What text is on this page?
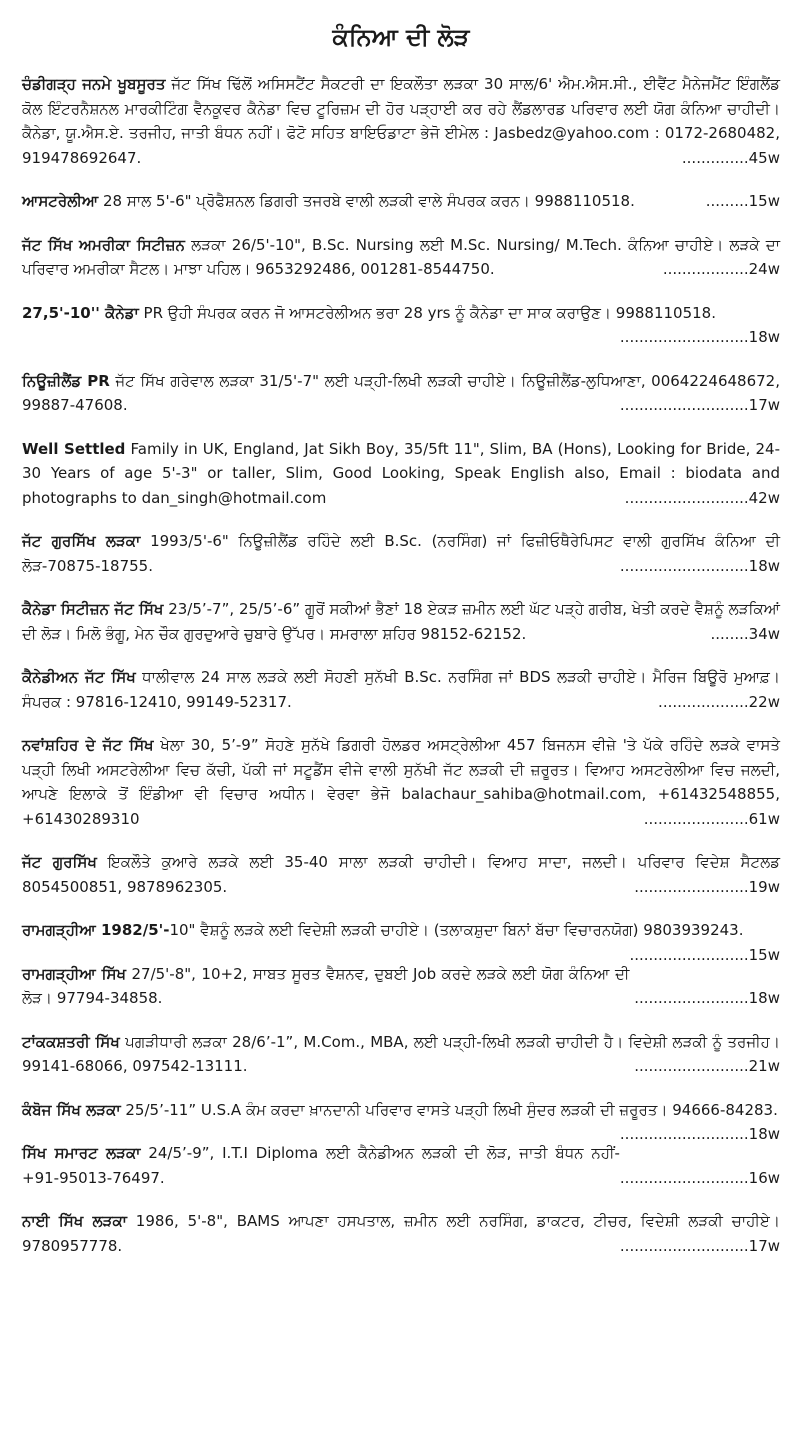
ਕੰਨਿਆ ਦੀ ਲੋੜ
ਚੰਡੀਗੜ੍ਹ ਜਨਮੇ ਖੂਬਸੂਰਤ ਜੱਟ ਸਿੱਖ ਢਿੱਲੋਂ ਅਸਿਸਟੈਂਟ ਸੈਕਟਰੀ ਦਾ ਇਕਲੌਤਾ ਲੜਕਾ 30 ਸਾਲ/6' ਐਮ.ਐਸ.ਸੀ., ਈਵੈਂਟ ਮੈਨੇਜਮੈਂਟ ਇੰਗਲੈਂਡ ਕੋਲ ਇੰਟਰਨੈਸ਼ਨਲ ਮਾਰਕੀਟਿੰਗ ਵੈਨਕੂਵਰ ਕੈਨੇਡਾ ਵਿਚ ਟੂਰਿਜ਼ਮ ਦੀ ਹੋਰ ਪੜ੍ਹਾਈ ਕਰ ਰਹੇ ਲੈਂਡਲਾਰਡ ਪਰਿਵਾਰ ਲਈ ਯੋਗ ਕੰਨਿਆ ਚਾਹੀਦੀ। ਕੈਨੇਡਾ, ਯੂ.ਐਸ.ਏ. ਤਰਜੀਹ, ਜਾਤੀ ਬੰਧਨ ਨਹੀਂ। ਫੋਟੋ ਸਹਿਤ ਬਾਇਓਡਾਟਾ ਭੇਜੋ ਈਮੇਲ : Jasbedz@yahoo.com : 0172-2680482, 919478692647.	..............45w
ਆਸਟਰੇਲੀਆ 28 ਸਾਲ 5'-6" ਪ੍ਰੋਫੈਸ਼ਨਲ ਡਿਗਰੀ ਤਜਰਬੇ ਵਾਲੀ ਲੜਕੀ ਵਾਲੇ ਸੰਪਰਕ ਕਰਨ। 9988110518.	.........15w
ਜੱਟ ਸਿੱਖ ਅਮਰੀਕਾ ਸਿਟੀਜ਼ਨ ਲੜਕਾ 26/5'-10", B.Sc. Nursing ਲਈ M.Sc. Nursing/ M.Tech. ਕੰਨਿਆ ਚਾਹੀਏ। ਲੜਕੇ ਦਾ ਪਰਿਵਾਰ ਅਮਰੀਕਾ ਸੈਟਲ। ਮਾਝਾ ਪਹਿਲ। 9653292486, 001281-8544750.	..................24w
27,5'-10'' ਕੈਨੇਡਾ PR ਉਹੀ ਸੰਪਰਕ ਕਰਨ ਜੋ ਆਸਟਰੇਲੀਅਨ ਭਰਾ 28 yrs ਨੂੰ ਕੈਨੇਡਾ ਦਾ ਸਾਕ ਕਰਾਉਣ। 9988110518.
...........................18w
ਨਿਊਜ਼ੀਲੈਂਡ PR ਜੱਟ ਸਿੱਖ ਗਰੇਵਾਲ ਲੜਕਾ 31/5'-7" ਲਈ ਪੜ੍ਹੀ-ਲਿਖੀ ਲੜਕੀ ਚਾਹੀਏ। ਨਿਊਜ਼ੀਲੈਂਡ-ਲੁਧਿਆਣਾ, 0064224648672, 99887-47608.	...........................17w
Well Settled Family in UK, England, Jat Sikh Boy, 35/5ft 11", Slim, BA (Hons), Looking for Bride, 24-30 Years of age 5'-3" or taller, Slim, Good Looking, Speak English also, Email : biodata and photographs to dan_singh@hotmail.com	..........................42w
ਜੱਟ ਗੁਰਸਿੱਖ ਲੜਕਾ 1993/5'-6" ਨਿਊਜ਼ੀਲੈਂਡ ਰਹਿੰਦੇ ਲਈ B.Sc. (ਨਰਸਿੰਗ) ਜਾਂ ਫਿਜ਼ੀਓਥੈਰੇਪਿਸਟ ਵਾਲੀ ਗੁਰਸਿੱਖ ਕੰਨਿਆ ਦੀ ਲੋੜ-70875-18755.	...........................18w
ਕੈਨੇਡਾ ਸਿਟੀਜ਼ਨ ਜੱਟ ਸਿੱਖ 23/5’-7”, 25/5’-6” ਗੂਰੋਂ ਸਕੀਆਂ ਭੈਣਾਂ 18 ਏਕੜ ਜ਼ਮੀਨ ਲਈ ਘੱਟ ਪੜ੍ਹੇ ਗਰੀਬ, ਖੇਤੀ ਕਰਦੇ ਵੈਸ਼ਨੂੰ ਲੜਕਿਆਂ ਦੀ ਲੋੜ। ਮਿਲੋ ਭੰਗੂ, ਮੇਨ ਚੌਕ ਗੁਰਦੁਆਰੇ ਚੁਬਾਰੇ ਉੱਪਰ। ਸਮਰਾਲਾ ਸ਼ਹਿਰ 98152-62152.	........34w
ਕੈਨੇਡੀਅਨ ਜੱਟ ਸਿੱਖ ਧਾਲੀਵਾਲ 24 ਸਾਲ ਲੜਕੇ ਲਈ ਸੋਹਣੀ ਸੁਨੱਖੀ B.Sc. ਨਰਸਿੰਗ ਜਾਂ BDS ਲੜਕੀ ਚਾਹੀਏ। ਮੈਰਿਜ ਬਿਊਰੋ ਮੁਆਫ਼। ਸੰਪਰਕ : 97816-12410, 99149-52317.	...................22w
ਨਵਾਂਸ਼ਹਿਰ ਦੇ ਜੱਟ ਸਿੱਖ ਖੇਲਾ 30, 5’-9” ਸੋਹਣੇ ਸੁਨੱਖੇ ਡਿਗਰੀ ਹੋਲਡਰ ਅਸਟ੍ਰੇਲੀਆ 457 ਬਿਜਨਸ ਵੀਜ਼ੇ 'ਤੇ ਪੱਕੇ ਰਹਿੰਦੇ ਲੜਕੇ ਵਾਸਤੇ ਪੜ੍ਹੀ ਲਿਖੀ ਅਸਟਰੇਲੀਆ ਵਿਚ ਕੱਚੀ, ਪੱਕੀ ਜਾਂ ਸਟੂਡੈਂਸ ਵੀਜੇ ਵਾਲੀ ਸੁਨੱਖੀ ਜੱਟ ਲੜਕੀ ਦੀ ਜ਼ਰੂਰਤ। ਵਿਆਹ ਅਸਟਰੇਲੀਆ ਵਿਚ ਜਲਦੀ, ਆਪਣੇ ਇਲਾਕੇ ਤੋਂ ਇੰਡੀਆ ਵੀ ਵਿਚਾਰ ਅਧੀਨ। ਵੇਰਵਾ ਭੇਜੋ balachaur_sahiba@hotmail.com, +61432548855, +61430289310	......................61w
ਜੱਟ ਗੁਰਸਿੱਖ ਇਕਲੌਤੇ ਕੁਆਰੇ ਲੜਕੇ ਲਈ 35-40 ਸਾਲਾ ਲੜਕੀ ਚਾਹੀਦੀ। ਵਿਆਹ ਸਾਦਾ, ਜਲਦੀ। ਪਰਿਵਾਰ ਵਿਦੇਸ਼ ਸੈਟਲਡ 8054500851, 9878962305.	........................19w
ਰਾਮਗੜ੍ਹੀਆ 1982/5'-10" ਵੈਸ਼ਨੂੰ ਲੜਕੇ ਲਈ ਵਿਦੇਸ਼ੀ ਲੜਕੀ ਚਾਹੀਏ। (ਤਲਾਕਸ਼ੁਦਾ ਬਿਨਾਂ ਬੱਚਾ ਵਿਚਾਰਨਯੋਗ) 9803939243.
.........................15w
ਰਾਮਗੜ੍ਹੀਆ ਸਿੱਖ 27/5'-8", 10+2, ਸਾਬਤ ਸੂਰਤ ਵੈਸ਼ਨਵ, ਦੁਬਈ Job ਕਰਦੇ ਲੜਕੇ ਲਈ ਯੋਗ ਕੰਨਿਆ ਦੀ ਲੋੜ। 97794-34858.	........................18w
ਟਾਂਕਕਸ਼ਤਰੀ ਸਿੱਖ ਪਗੜੀਧਾਰੀ ਲੜਕਾ 28/6’-1”, M.Com., MBA, ਲਈ ਪੜ੍ਹੀ-ਲਿਖੀ ਲੜਕੀ ਚਾਹੀਦੀ ਹੈ। ਵਿਦੇਸ਼ੀ ਲੜਕੀ ਨੂੰ ਤਰਜੀਹ। 99141-68066, 097542-13111.	........................21w
ਕੰਬੋਜ ਸਿੱਖ ਲੜਕਾ 25/5’-11” U.S.A ਕੰਮ ਕਰਦਾ ਖ਼ਾਨਦਾਨੀ ਪਰਿਵਾਰ ਵਾਸਤੇ ਪੜ੍ਹੀ ਲਿਖੀ ਸੁੰਦਰ ਲੜਕੀ ਦੀ ਜ਼ਰੂਰਤ। 94666-84283.
...........................18w
ਸਿੱਖ ਸਮਾਰਟ ਲੜਕਾ 24/5’-9”, I.T.I Diploma ਲਈ ਕੈਨੇਡੀਅਨ ਲੜਕੀ ਦੀ ਲੋੜ, ਜਾਤੀ ਬੰਧਨ ਨਹੀਂ- +91-95013-76497.	...........................16w
ਨਾਈ ਸਿੱਖ ਲੜਕਾ 1986, 5'-8", BAMS ਆਪਣਾ ਹਸਪਤਾਲ, ਜ਼ਮੀਨ ਲਈ ਨਰਸਿੰਗ, ਡਾਕਟਰ, ਟੀਚਰ, ਵਿਦੇਸ਼ੀ ਲੜਕੀ ਚਾਹੀਏ। 9780957778.	...........................17w
